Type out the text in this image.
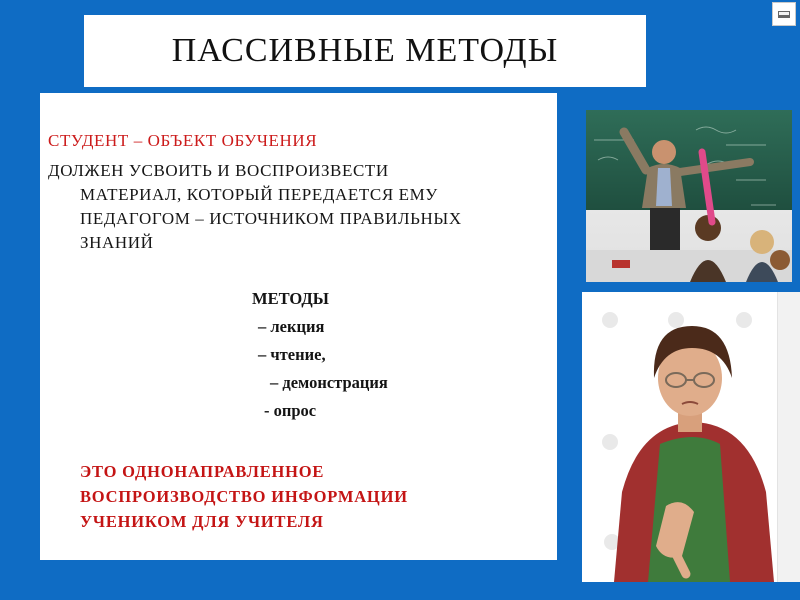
ПАССИВНЫЕ МЕТОДЫ
СТУДЕНТ – ОБЪЕКТ ОБУЧЕНИЯ
ДОЛЖЕН УСВОИТЬ И ВОСПРОИЗВЕСТИ
МАТЕРИАЛ, КОТОРЫЙ ПЕРЕДАЕТСЯ ЕМУ
ПЕДАГОГОМ – ИСТОЧНИКОМ ПРАВИЛЬНЫХ
ЗНАНИЙ
МЕТОДЫ
– лекция
– чтение,
– демонстрация
- опрос
ЭТО ОДНОНАПРАВЛЕННОЕ
ВОСПРОИЗВОДСТВО ИНФОРМАЦИИ
УЧЕНИКОМ ДЛЯ УЧИТЕЛЯ
